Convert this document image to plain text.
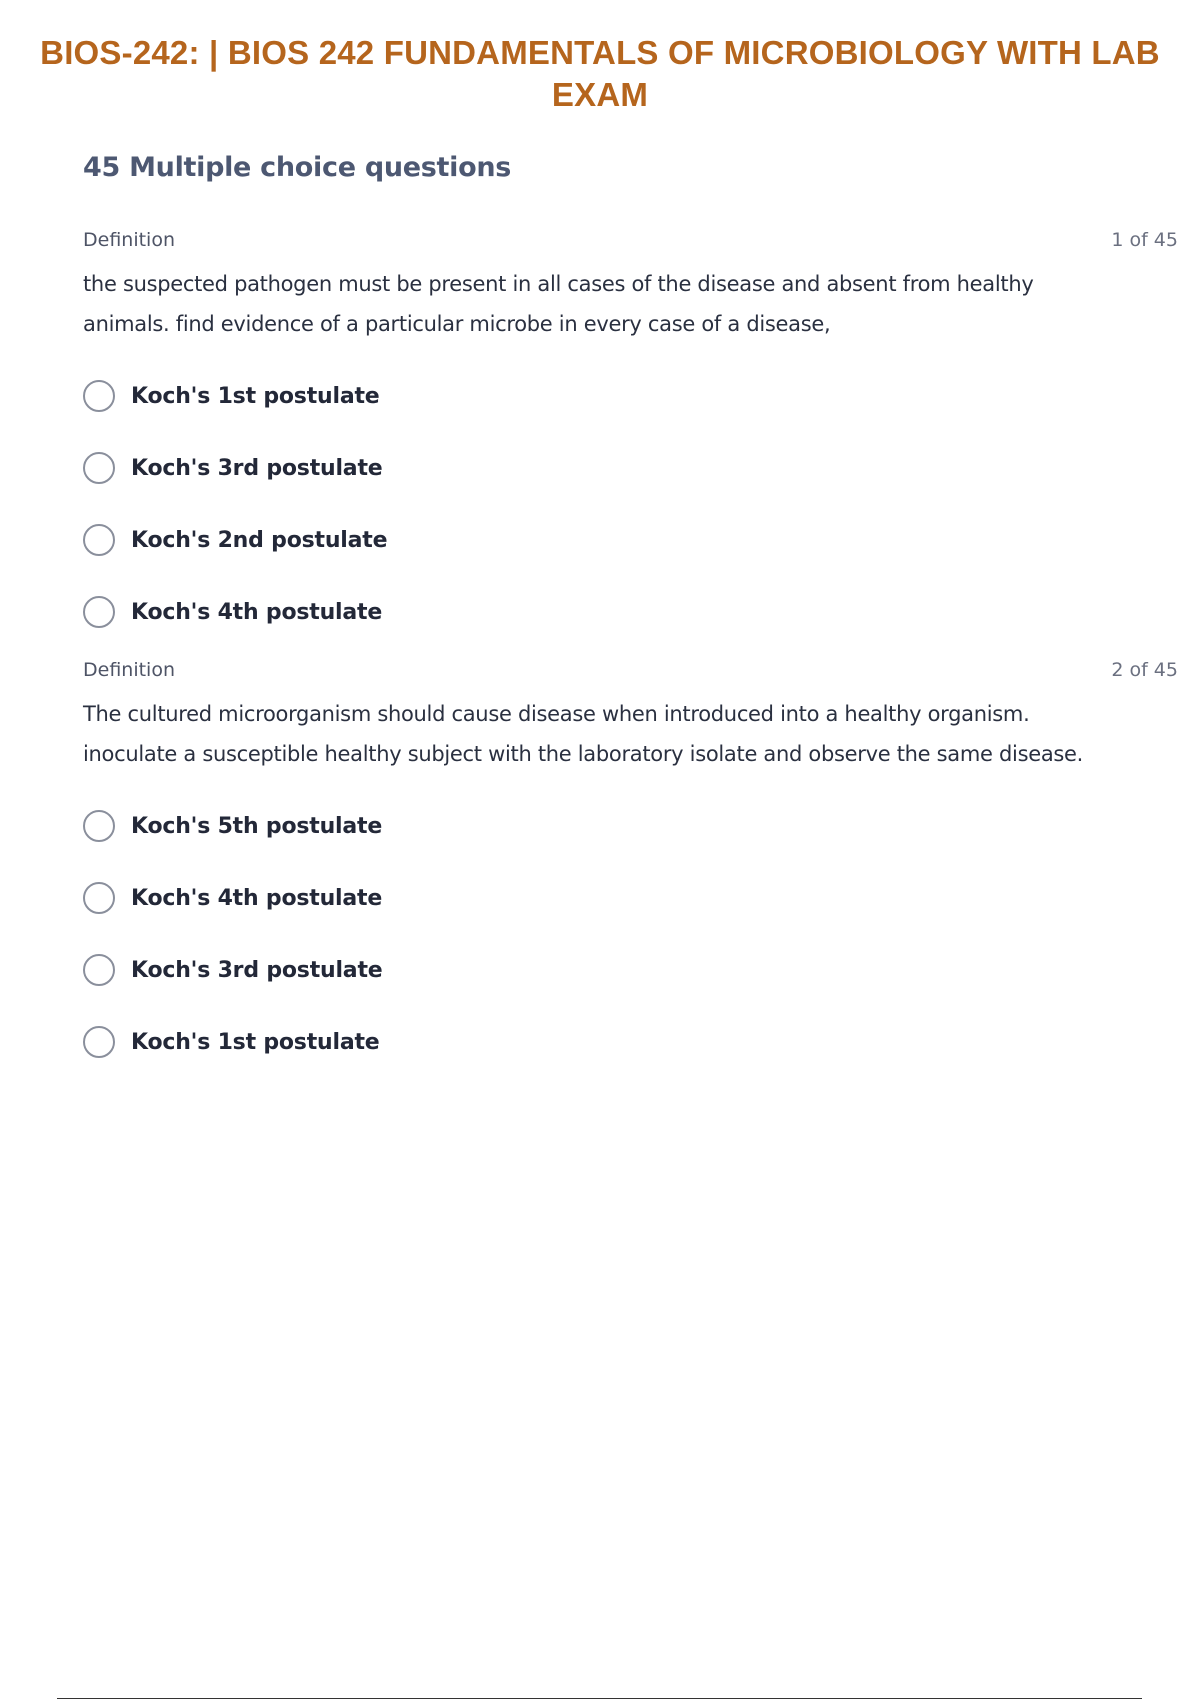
BIOS-242: | BIOS 242 FUNDAMENTALS OF MICROBIOLOGY WITH LAB
EXAM
45 Multiple choice questions
Definition	1 of 45
the suspected pathogen must be present in all cases of the disease and absent from healthy
animals. find evidence of a particular microbe in every case of a disease,
Koch's 1st postulate
Koch's 3rd postulate
Koch's 2nd postulate
Koch's 4th postulate
Definition	2 of 45
The cultured microorganism should cause disease when introduced into a healthy organism.
inoculate a susceptible healthy subject with the laboratory isolate and observe the same disease.
Koch's 5th postulate
Koch's 4th postulate
Koch's 3rd postulate
Koch's 1st postulate
